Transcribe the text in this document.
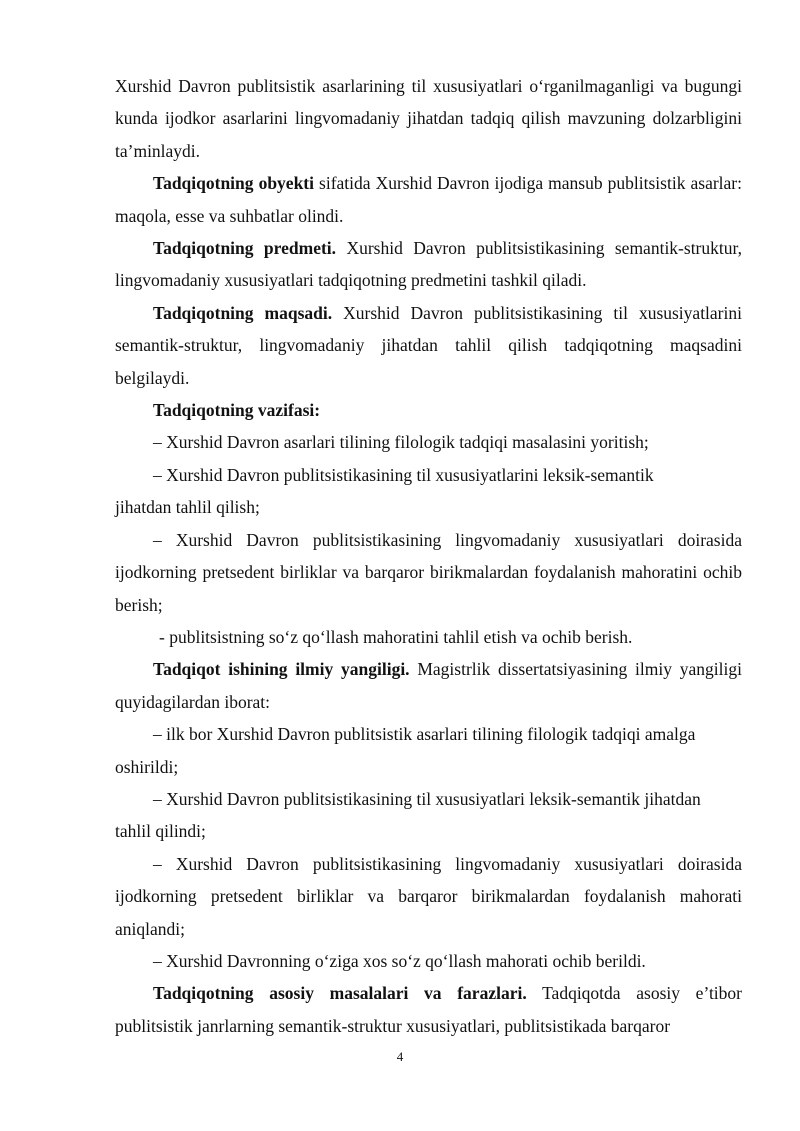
Xurshid Davron publitsistik asarlarining til xususiyatlari o‘rganilmaganligi va bugungi kunda ijodkor asarlarini lingvomadaniy jihatdan tadqiq qilish mavzuning dolzarbligini ta’minlaydi.

Tadqiqotning obyekti sifatida Xurshid Davron ijodiga mansub publitsistik asarlar: maqola, esse va suhbatlar olindi.

Tadqiqotning predmeti. Xurshid Davron publitsistikasining semantik-struktur, lingvomadaniy xususiyatlari tadqiqotning predmetini tashkil qiladi.

Tadqiqotning maqsadi. Xurshid Davron publitsistikasining til xususiyatlarini semantik-struktur, lingvomadaniy jihatdan tahlil qilish tadqiqotning maqsadini belgilaydi.

Tadqiqotning vazifasi:

– Xurshid Davron asarlari tilining filologik tadqiqi masalasini yoritish;

– Xurshid Davron publitsistikasining til xususiyatlarini leksik-semantik

jihatdan tahlil qilish;

– Xurshid Davron publitsistikasining lingvomadaniy xususiyatlari doirasida ijodkorning pretsedent birliklar va barqaror birikmalardan foydalanish mahoratini ochib berish;

- publitsistning so‘z qo‘llash mahoratini tahlil etish va ochib berish.

Tadqiqot ishining ilmiy yangiligi. Magistrlik dissertatsiyasining ilmiy yangiligi quyidagilardan iborat:

– ilk bor Xurshid Davron publitsistik asarlari tilining filologik tadqiqi amalga

oshirildi;

– Xurshid Davron publitsistikasining til xususiyatlari leksik-semantik jihatdan

tahlil qilindi;

– Xurshid Davron publitsistikasining lingvomadaniy xususiyatlari doirasida ijodkorning pretsedent birliklar va barqaror birikmalardan foydalanish mahorati aniqlandi;

– Xurshid Davronning o‘ziga xos so‘z qo‘llash mahorati ochib berildi.

Tadqiqotning asosiy masalalari va farazlari. Tadqiqotda asosiy e’tibor publitsistik janrlarning semantik-struktur xususiyatlari, publitsistikada barqaror

4
